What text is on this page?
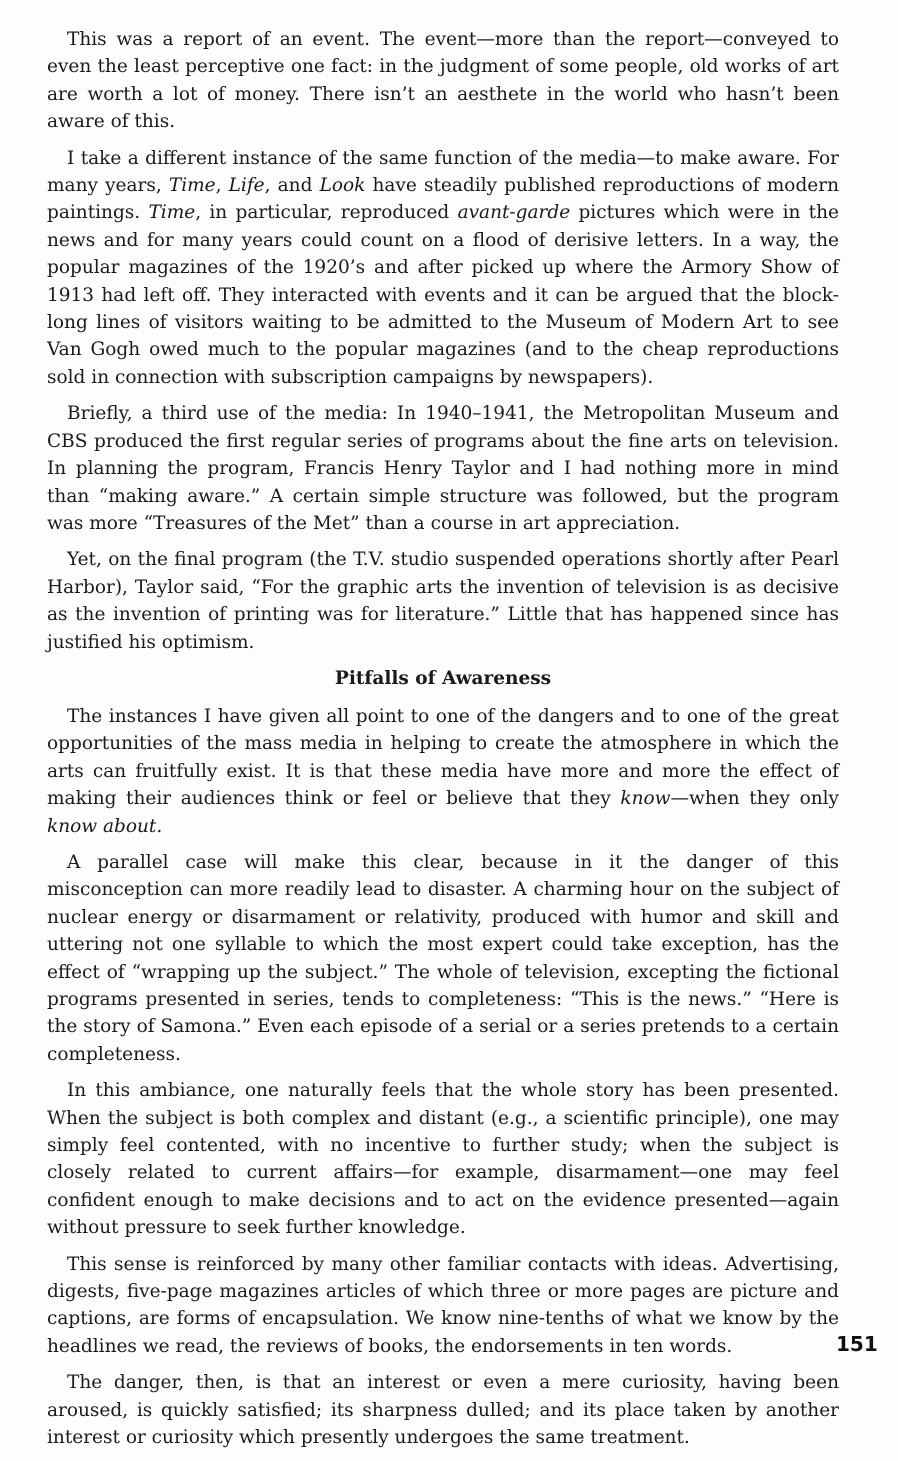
This was a report of an event. The event—more than the report—conveyed to even the least perceptive one fact: in the judgment of some people, old works of art are worth a lot of money. There isn’t an aesthete in the world who hasn’t been aware of this.

I take a different instance of the same function of the media—to make aware. For many years, Time, Life, and Look have steadily published reproductions of modern paintings. Time, in particular, reproduced avant-garde pictures which were in the news and for many years could count on a flood of derisive letters. In a way, the popular magazines of the 1920’s and after picked up where the Armory Show of 1913 had left off. They interacted with events and it can be argued that the block-long lines of visitors waiting to be admitted to the Museum of Modern Art to see Van Gogh owed much to the popular magazines (and to the cheap reproductions sold in connection with subscription campaigns by newspapers).

Briefly, a third use of the media: In 1940–1941, the Metropolitan Museum and CBS produced the first regular series of programs about the fine arts on television. In planning the program, Francis Henry Taylor and I had nothing more in mind than “making aware.” A certain simple structure was followed, but the program was more “Treasures of the Met” than a course in art appreciation.

Yet, on the final program (the T.V. studio suspended operations shortly after Pearl Harbor), Taylor said, “For the graphic arts the invention of television is as decisive as the invention of printing was for literature.” Little that has happened since has justified his optimism.

Pitfalls of Awareness

The instances I have given all point to one of the dangers and to one of the great opportunities of the mass media in helping to create the atmosphere in which the arts can fruitfully exist. It is that these media have more and more the effect of making their audiences think or feel or believe that they know—when they only know about.

A parallel case will make this clear, because in it the danger of this misconception can more readily lead to disaster. A charming hour on the subject of nuclear energy or disarmament or relativity, produced with humor and skill and uttering not one syllable to which the most expert could take exception, has the effect of “wrapping up the subject.” The whole of television, excepting the fictional programs presented in series, tends to completeness: “This is the news.” “Here is the story of Samona.” Even each episode of a serial or a series pretends to a certain completeness.

In this ambiance, one naturally feels that the whole story has been presented. When the subject is both complex and distant (e.g., a scientific principle), one may simply feel contented, with no incentive to further study; when the subject is closely related to current affairs—for example, disarmament—one may feel confident enough to make decisions and to act on the evidence presented—again without pressure to seek further knowledge.

This sense is reinforced by many other familiar contacts with ideas. Advertising, digests, five-page magazines articles of which three or more pages are picture and captions, are forms of encapsulation. We know nine-tenths of what we know by the headlines we read, the reviews of books, the endorsements in ten words.

The danger, then, is that an interest or even a mere curiosity, having been aroused, is quickly satisfied; its sharpness dulled; and its place taken by another interest or curiosity which presently undergoes the same treatment.

151
